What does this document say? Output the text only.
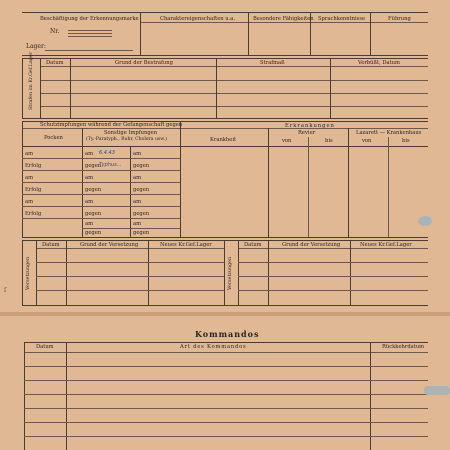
Beschäftigung der Erkennungsmarke
Nr.
Lager:
Charaktereigenschaften u.a.	Besondere Fähigkeiten Sprachkenntnisse	Führung
Strafen im Kr.Gef.Lager Datum	Grund der Bestrafung	Strafmaß	Verbüßt, Datum
Schutzimpfungen während der Gefangenschaft gegen
Pocken
Sonstige Impfungen
(Ty.-Paratyph., Ruhr, Cholera usw.)
am	am	am
Erfolg	gegen	gegen
am	am	am
Erfolg	gegen	gegen
am	am	am
Erfolg	gegen	gegen
am	am
gegen	gegen
6.4.43
Typhus...
Erkrankungen
Krankheit
Revier
von	bis
Lazarett — Krankenhaus
von	bis
Versetzungen	Versetzungen
Datum	Grund der Versetzung	Neues Kr.Gef.Lager	Datum	Grund der Versetzung	Neues Kr.Gef.Lager
ſ
Kommandos
Datum	Art des Kommandos	Rückkehrdatum
